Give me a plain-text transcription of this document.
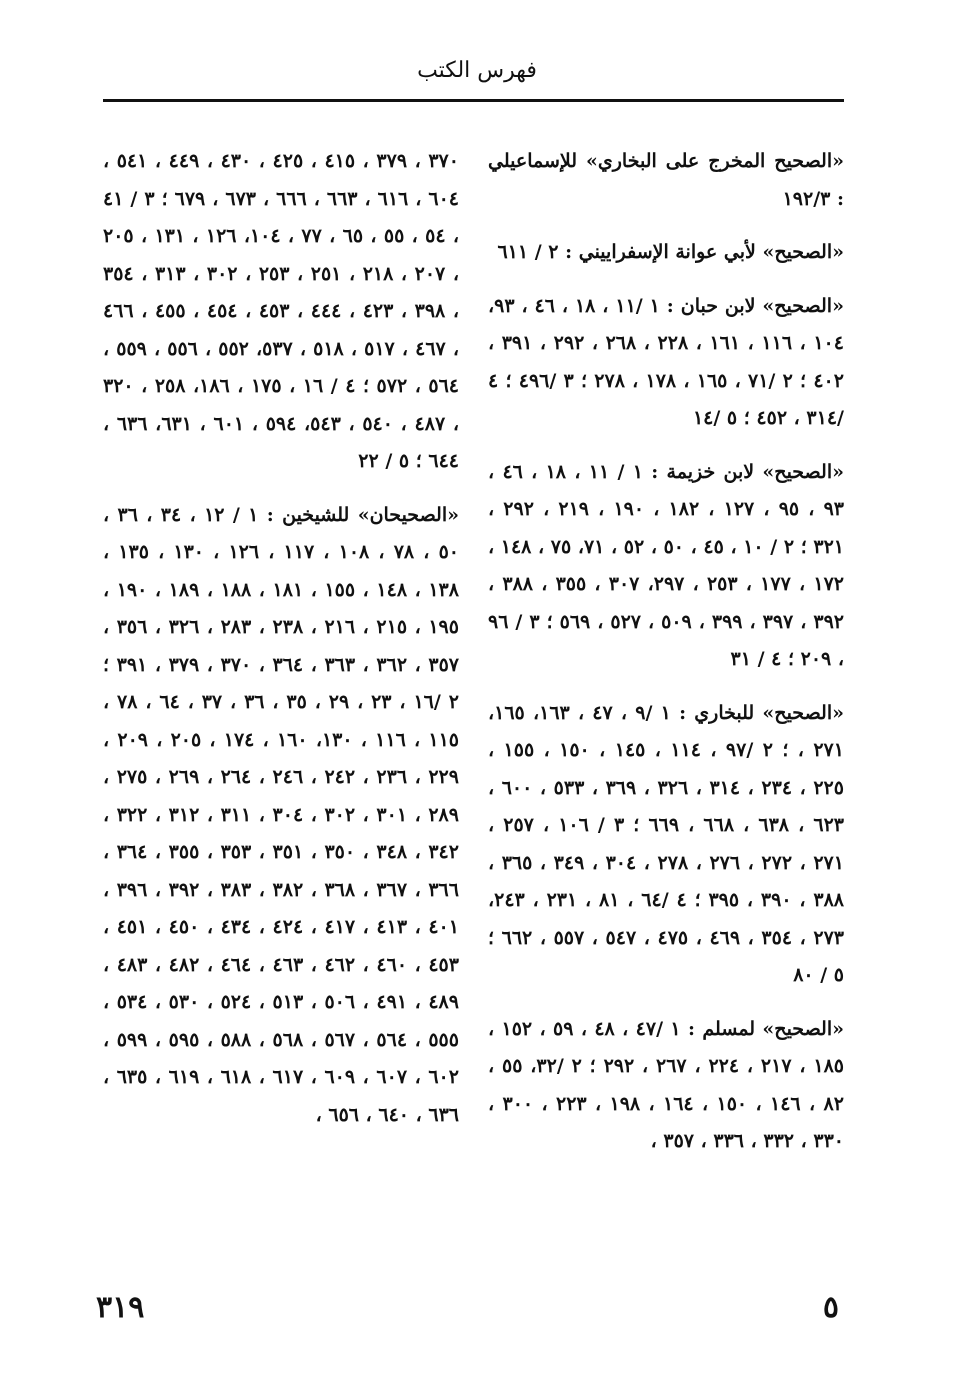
فهرس الكتب

«الصحيح المخرج على البخاري» للإسماعيلي : ١٩٢/٣

«الصحيح» لأبي عوانة الإسفراييني : ٢ / ٦١١

«الصحيح» لابن حبان : ١ /١١ ، ١٨ ، ٤٦ ، ٩٣، ١٠٤ ، ١١٦ ، ١٦١ ، ٢٢٨ ، ٢٦٨ ، ٢٩٢ ، ٣٩١ ، ٤٠٢ ؛ ٢ /٧١ ، ١٦٥ ، ١٧٨ ، ٢٧٨ ؛ ٣ /٤٩٦ ؛ ٤ /٣١٤ ، ٤٥٢ ؛ ٥ /١٤

«الصحيح» لابن خزيمة : ١ / ١١ ، ١٨ ، ٤٦ ، ٩٣ ، ٩٥ ، ١٢٧ ، ١٨٢ ، ١٩٠ ، ٢١٩ ، ٢٩٢ ، ٣٢١ ؛ ٢ / ١٠ ، ٤٥ ، ٥٠ ، ٥٢ ، ٧١، ٧٥ ، ١٤٨ ، ١٧٢ ، ١٧٧ ، ٢٥٣ ، ٢٩٧، ٣٠٧ ، ٣٥٥ ، ٣٨٨ ، ٣٩٢ ، ٣٩٧ ، ٣٩٩ ، ٥٠٩ ، ٥٢٧ ، ٥٦٩ ؛ ٣ / ٩٦ ، ٢٠٩ ؛ ٤ / ٣١

«الصحيح» للبخاري : ١ /٩ ، ٤٧ ، ١٦٣، ١٦٥، ٢٧١ ، ؛ ٢ /٩٧ ، ١١٤ ، ١٤٥ ، ١٥٠ ، ١٥٥ ، ٢٢٥ ، ٢٣٤ ، ٣١٤ ، ٣٢٦ ، ٣٦٩ ، ٥٣٣ ، ٦٠٠ ، ٦٢٣ ، ٦٣٨ ، ٦٦٨ ، ٦٦٩ ؛ ٣ / ١٠٦ ، ٢٥٧ ، ٢٧١ ، ٢٧٢ ، ٢٧٦ ، ٢٧٨ ، ٣٠٤ ، ٣٤٩ ، ٣٦٥ ، ٣٨٨ ، ٣٩٠ ، ٣٩٥ ؛ ٤ /٦٤ ، ٨١ ، ٢٣١ ، ٢٤٣، ٢٧٣ ، ٣٥٤ ، ٤٦٩ ، ٤٧٥ ، ٥٤٧ ، ٥٥٧ ، ٦٦٢ ؛ ٥ / ٨٠

«الصحيح» لمسلم : ١ /٤٧ ، ٤٨ ، ٥٩ ، ١٥٢ ، ١٨٥ ، ٢١٧ ، ٢٢٤ ، ٢٦٧ ، ٢٩٢ ؛ ٢ /٣٢، ٥٥ ، ٨٢ ، ١٤٦ ، ١٥٠ ، ١٦٤ ، ١٩٨ ، ٢٢٣ ، ٣٠٠ ، ٣٣٠ ، ٣٣٢ ، ٣٣٦ ، ٣٥٧ ،

٣٧٠ ، ٣٧٩ ، ٤١٥ ، ٤٢٥ ، ٤٣٠ ، ٤٤٩ ، ٥٤١ ، ٦٠٤ ، ٦١٦ ، ٦٦٣ ، ٦٦٦ ، ٦٧٣ ، ٦٧٩ ؛ ٣ / ٤١ ، ٥٤ ، ٥٥ ، ٦٥ ، ٧٧ ، ١٠٤، ١٢٦ ، ١٣١ ، ٢٠٥ ، ٢٠٧ ، ٢١٨ ، ٢٥١ ، ٢٥٣ ، ٣٠٢ ، ٣١٣ ، ٣٥٤ ، ٣٩٨ ، ٤٢٣ ، ٤٤٤ ، ٤٥٣ ، ٤٥٤ ، ٤٥٥ ، ٤٦٦ ، ٤٦٧ ، ٥١٧ ، ٥١٨ ، ٥٣٧، ٥٥٢ ، ٥٥٦ ، ٥٥٩ ، ٥٦٤ ، ٥٧٢ ؛ ٤ / ١٦ ، ١٧٥ ، ١٨٦، ٢٥٨ ، ٣٢٠ ، ٤٨٧ ، ٥٤٠ ، ٥٤٣، ٥٩٤ ، ٦٠١ ، ٦٣١، ٦٣٦ ، ٦٤٤ ؛ ٥ / ٢٢

«الصحيحان» للشيخين : ١ / ١٢ ، ٣٤ ، ٣٦ ، ٥٠ ، ٧٨ ، ١٠٨ ، ١١٧ ، ١٢٦ ، ١٣٠ ، ١٣٥ ، ١٣٨ ، ١٤٨ ، ١٥٥ ، ١٨١ ، ١٨٨ ، ١٨٩ ، ١٩٠ ، ١٩٥ ، ٢١٥ ، ٢١٦ ، ٢٣٨ ، ٢٨٣ ، ٣٢٦ ، ٣٥٦ ، ٣٥٧ ، ٣٦٢ ، ٣٦٣ ، ٣٦٤ ، ٣٧٠ ، ٣٧٩ ، ٣٩١ ؛ ٢ /١٦ ، ٢٣ ، ٢٩ ، ٣٥ ، ٣٦ ، ٣٧ ، ٦٤ ، ٧٨ ، ١١٥ ، ١١٦ ، ١٣٠، ١٦٠ ، ١٧٤ ، ٢٠٥ ، ٢٠٩ ، ٢٢٩ ، ٢٣٦ ، ٢٤٢ ، ٢٤٦ ، ٢٦٤ ، ٢٦٩ ، ٢٧٥ ، ٢٨٩ ، ٣٠١ ، ٣٠٢ ، ٣٠٤ ، ٣١١ ، ٣١٢ ، ٣٢٢ ، ٣٤٢ ، ٣٤٨ ، ٣٥٠ ، ٣٥١ ، ٣٥٣ ، ٣٥٥ ، ٣٦٤ ، ٣٦٦ ، ٣٦٧ ، ٣٦٨ ، ٣٨٢ ، ٣٨٣ ، ٣٩٢ ، ٣٩٦ ، ٤٠١ ، ٤١٣ ، ٤١٧ ، ٤٢٤ ، ٤٣٤ ، ٤٥٠ ، ٤٥١ ، ٤٥٣ ، ٤٦٠ ، ٤٦٢ ، ٤٦٣ ، ٤٦٤ ، ٤٨٢ ، ٤٨٣ ، ٤٨٩ ، ٤٩١ ، ٥٠٦ ، ٥١٣ ، ٥٢٤ ، ٥٣٠ ، ٥٣٤ ، ٥٥٥ ، ٥٦٤ ، ٥٦٧ ، ٥٦٨ ، ٥٨٨ ، ٥٩٥ ، ٥٩٩ ، ٦٠٢ ، ٦٠٧ ، ٦٠٩ ، ٦١٧ ، ٦١٨ ، ٦١٩ ، ٦٣٥ ، ٦٣٦ ، ٦٤٠ ، ٦٥٦ ،

٣١٩	٥
